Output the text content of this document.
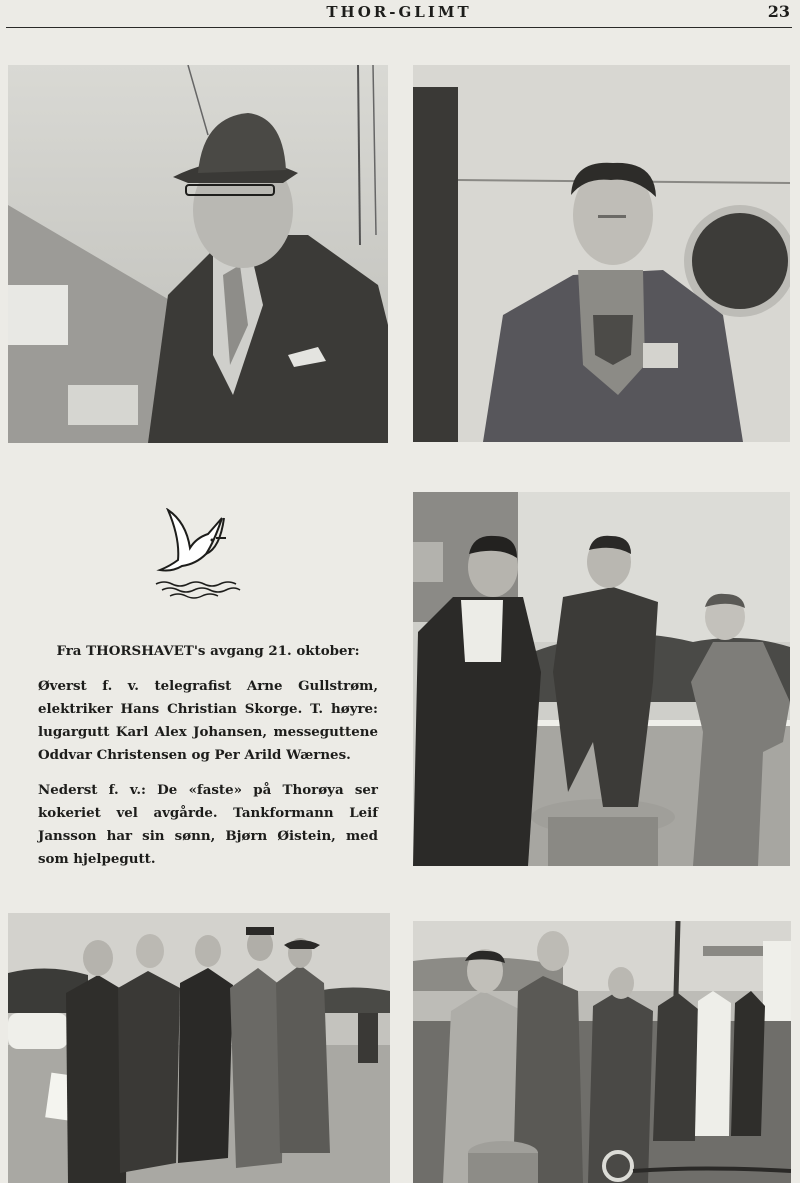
THOR-GLIMT	23

Fra THORSHAVET's avgang 21. oktober:

Øverst f. v. telegrafist Arne Gullstrøm, elektriker Hans Christian Skorge. T. høyre: lugargutt Karl Alex Johansen, messeguttene Oddvar Christensen og Per Arild Wærnes.

Nederst f. v.: De «faste» på Thorøya ser kokeriet vel avgårde. Tankformann Leif Jansson har sin sønn, Bjørn Øistein, med som hjelpegutt.
